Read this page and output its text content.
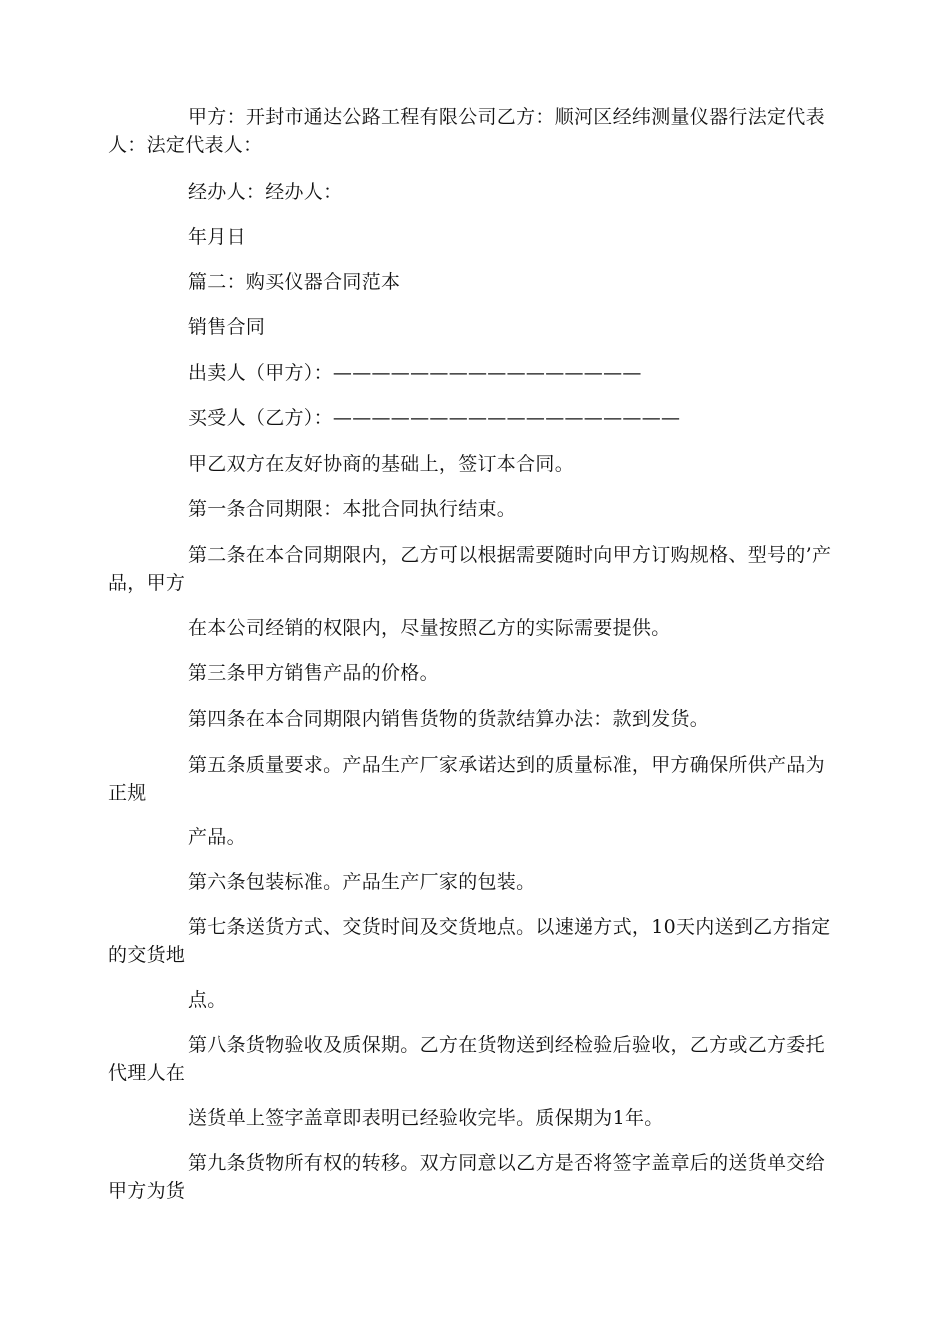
甲方：开封市通达公路工程有限公司乙方：顺河区经纬测量仪器行法定代表人：法定代表人：

经办人：经办人：

年月日

篇二：购买仪器合同范本

销售合同

出卖人（甲方）：————————————————

买受人（乙方）：——————————————————

甲乙双方在友好协商的基础上，签订本合同。

第一条合同期限：本批合同执行结束。

第二条在本合同期限内，乙方可以根据需要随时向甲方订购规格、型号的’产品，甲方

在本公司经销的权限内，尽量按照乙方的实际需要提供。

第三条甲方销售产品的价格。

第四条在本合同期限内销售货物的货款结算办法：款到发货。

第五条质量要求。产品生产厂家承诺达到的质量标准，甲方确保所供产品为正规

产品。

第六条包装标准。产品生产厂家的包装。

第七条送货方式、交货时间及交货地点。以速递方式，10天内送到乙方指定的交货地

点。

第八条货物验收及质保期。乙方在货物送到经检验后验收，乙方或乙方委托代理人在

送货单上签字盖章即表明已经验收完毕。质保期为1年。

第九条货物所有权的转移。双方同意以乙方是否将签字盖章后的送货单交给甲方为货
